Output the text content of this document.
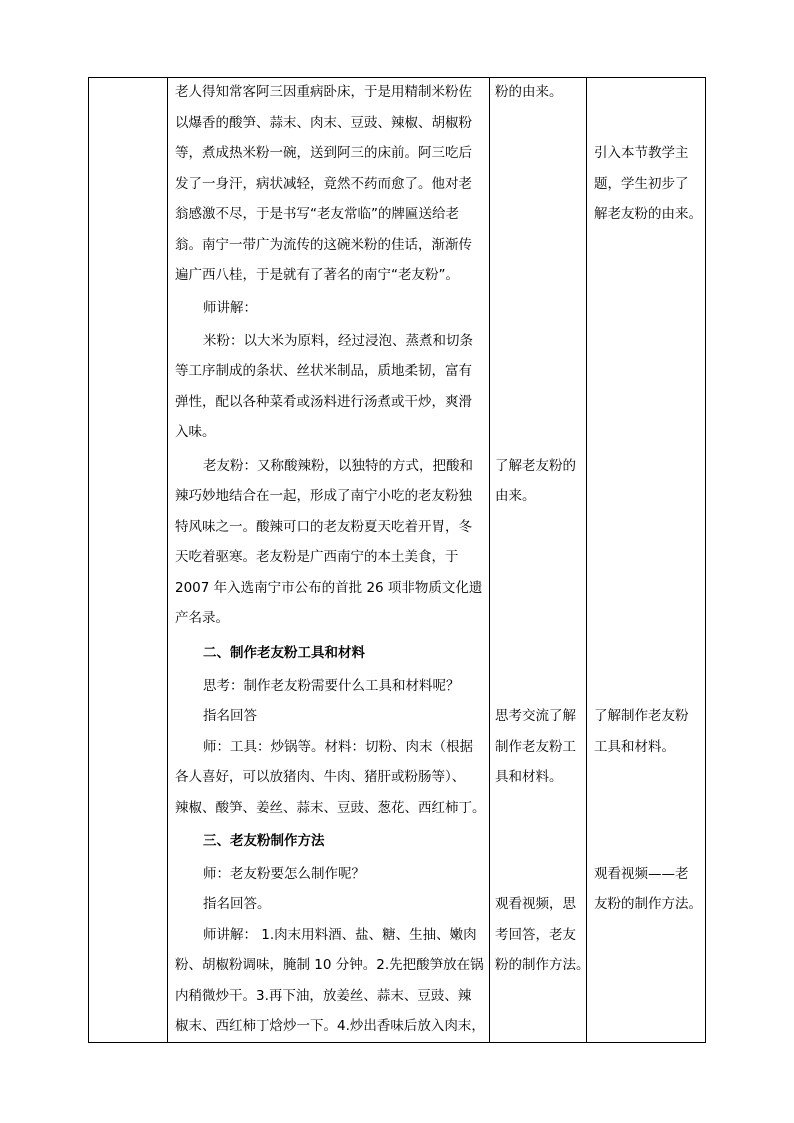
老人得知常客阿三因重病卧床，于是用精制米粉佐
以爆香的酸笋、蒜末、肉末、豆豉、辣椒、胡椒粉
等，煮成热米粉一碗，送到阿三的床前。阿三吃后
发了一身汗，病状减轻，竟然不药而愈了。他对老
翁感激不尽，于是书写“老友常临”的牌匾送给老
翁。南宁一带广为流传的这碗米粉的佳话，渐渐传
遍广西八桂，于是就有了著名的南宁“老友粉”。
师讲解：
米粉：以大米为原料，经过浸泡、蒸煮和切条
等工序制成的条状、丝状米制品，质地柔韧，富有
弹性，配以各种菜肴或汤料进行汤煮或干炒，爽滑
入味。
老友粉：又称酸辣粉，以独特的方式，把酸和
辣巧妙地结合在一起，形成了南宁小吃的老友粉独
特风味之一。酸辣可口的老友粉夏天吃着开胃，冬
天吃着驱寒。老友粉是广西南宁的本土美食，于
2007 年入选南宁市公布的首批 26 项非物质文化遗
产名录。
二、制作老友粉工具和材料
思考：制作老友粉需要什么工具和材料呢？
指名回答
师：工具：炒锅等。材料：切粉、肉末（根据
各人喜好，可以放猪肉、牛肉、猪肝或粉肠等）、
辣椒、酸笋、姜丝、蒜末、豆豉、葱花、西红柿丁。
三、老友粉制作方法
师：老友粉要怎么制作呢？
指名回答。
师讲解： 1.肉末用料酒、盐、糖、生抽、嫩肉
粉、胡椒粉调味，腌制 10 分钟。2.先把酸笋放在锅
内稍微炒干。3.再下油，放姜丝、蒜末、豆豉、辣
椒末、西红柿丁焓炒一下。4.炒出香味后放入肉末，
粉的由来。
了解老友粉的
由来。
思考交流了解
制作老友粉工
具和材料。
观看视频，思
考回答，老友
粉的制作方法。
引入本节教学主
题，学生初步了
解老友粉的由来。
了解制作老友粉
工具和材料。
观看视频——老
友粉的制作方法。
